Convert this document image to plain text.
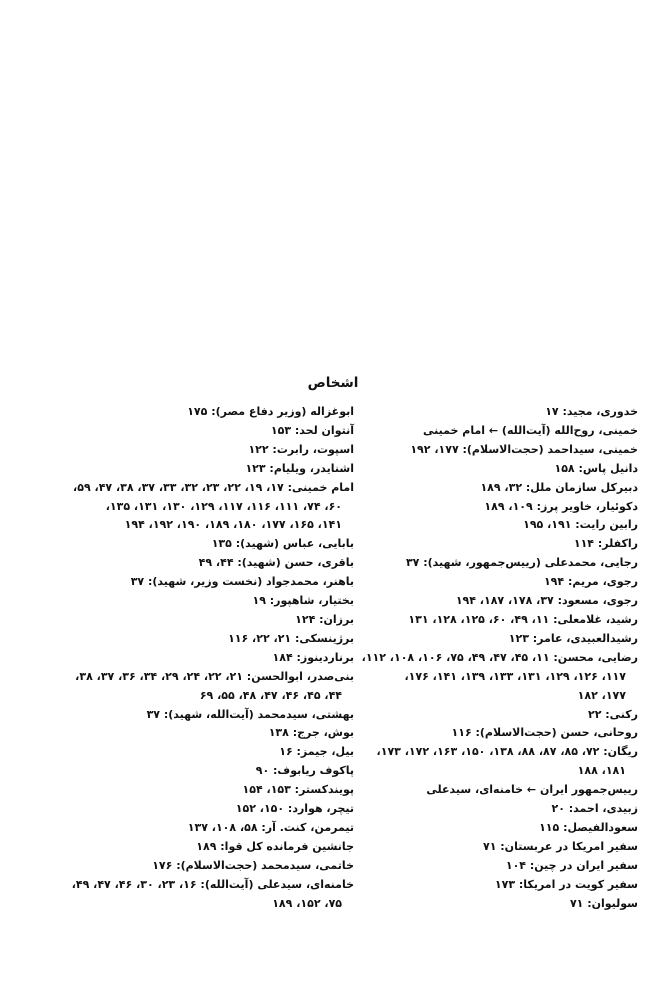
اشخاص
ابوغزاله (وزیر دفاع مصر): ۱۷۵
آنتوان لحد: ۱۵۳
اسپوت، رابرت: ۱۲۲
اشنایدر، ویلیام: ۱۲۳
امام خمینی: ۱۷، ۱۹، ۲۲، ۲۳، ۳۲، ۳۳، ۳۷، ۳۸، ۴۷، ۵۹،
۶۰، ۷۴، ۱۱۱، ۱۱۶، ۱۱۷، ۱۲۹، ۱۳۰، ۱۳۱، ۱۳۵،
۱۴۱، ۱۶۵، ۱۷۷، ۱۸۰، ۱۸۹، ۱۹۰، ۱۹۲، ۱۹۴
بابایی، عباس (شهید): ۱۳۵
باقری، حسن (شهید): ۴۴، ۴۹
باهنر، محمدجواد (نخست وزیر، شهید): ۳۷
بختیار، شاهپور: ۱۹
برزان: ۱۲۴
برژینسکی: ۲۱، ۲۲، ۱۱۶
برناردینوز: ۱۸۴
بنی‌صدر، ابوالحسن: ۲۱، ۲۲، ۲۴، ۲۹، ۳۴، ۳۶، ۳۷، ۳۸،
۴۴، ۴۵، ۴۶، ۴۷، ۴۸، ۵۵، ۶۹
بهشتی، سیدمحمد (آیت‌الله، شهید): ۳۷
بوش، جرج: ۱۳۸
بیل، جیمز: ۱۶
پاکوف ریابوف: ۹۰
پویندکستر: ۱۵۳، ۱۵۴
تیچر، هوارد: ۱۵۰، ۱۵۲
تیمرمن، کنت. آر: ۵۸، ۱۰۸، ۱۳۷
جانشین فرمانده کل قوا: ۱۸۹
خاتمی، سیدمحمد (حجت‌الاسلام): ۱۷۶
خامنه‌ای، سیدعلی (آیت‌الله): ۱۶، ۲۳، ۳۰، ۴۶، ۴۷، ۴۹،
۷۵، ۱۵۲، ۱۸۹
خدوری، مجید: ۱۷
خمینی، روح‌الله (آیت‌الله) ← امام خمینی
خمینی، سیداحمد (حجت‌الاسلام): ۱۷۷، ۱۹۲
دانیل پاس: ۱۵۸
دبیرکل سازمان ملل: ۳۲، ۱۸۹
دکوئیار، خاویر پرز: ۱۰۹، ۱۸۹
رابین رایت: ۱۹۱، ۱۹۵
راکفلر: ۱۱۴
رجایی، محمدعلی (رییس‌جمهور، شهید): ۳۷
رجوی، مریم: ۱۹۴
رجوی، مسعود: ۳۷، ۱۷۸، ۱۸۷، ۱۹۴
رشید، غلامعلی: ۱۱، ۴۹، ۶۰، ۱۲۵، ۱۲۸، ۱۳۱
رشیدالعبیدی، عامر: ۱۲۳
رضایی، محسن: ۱۱، ۴۵، ۴۷، ۴۹، ۷۵، ۱۰۶، ۱۰۸، ۱۱۲،
۱۱۷، ۱۲۶، ۱۲۹، ۱۳۱، ۱۳۳، ۱۳۹، ۱۴۱، ۱۷۶،
۱۷۷، ۱۸۲
رکنی: ۲۲
روحانی، حسن (حجت‌الاسلام): ۱۱۶
ریگان: ۷۲، ۸۵، ۸۷، ۸۸، ۱۳۸، ۱۵۰، ۱۶۳، ۱۷۲، ۱۷۳،
۱۸۱، ۱۸۸
رییس‌جمهور ایران ← خامنه‌ای، سیدعلی
زبیدی، احمد: ۲۰
سعودالفیصل: ۱۱۵
سفیر امریکا در عربستان: ۷۱
سفیر ایران در چین: ۱۰۴
سفیر کویت در امریکا: ۱۷۳
سولیوان: ۷۱
